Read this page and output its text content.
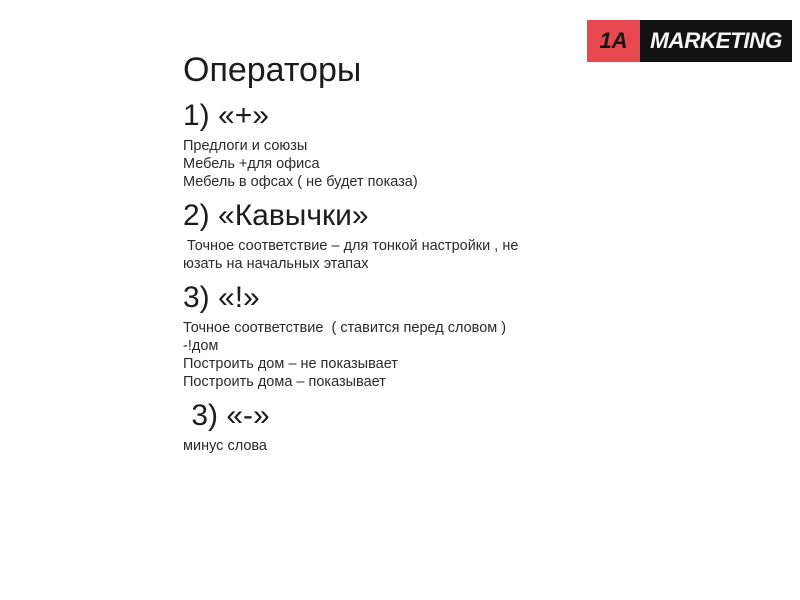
1A MARKETING
Операторы
1) «+»
Предлоги и союзы
Мебель +для офиса
Мебель в офсах ( не будет показа)
2) «Кавычки»
Точное соответствие – для тонкой настройки , не
юзать на начальных этапах
3) «!»
Точное соответствие  ( ставится перед словом )
-!дом
Построить дом – не показывает
Построить дома – показывает
3) «-»
минус слова
